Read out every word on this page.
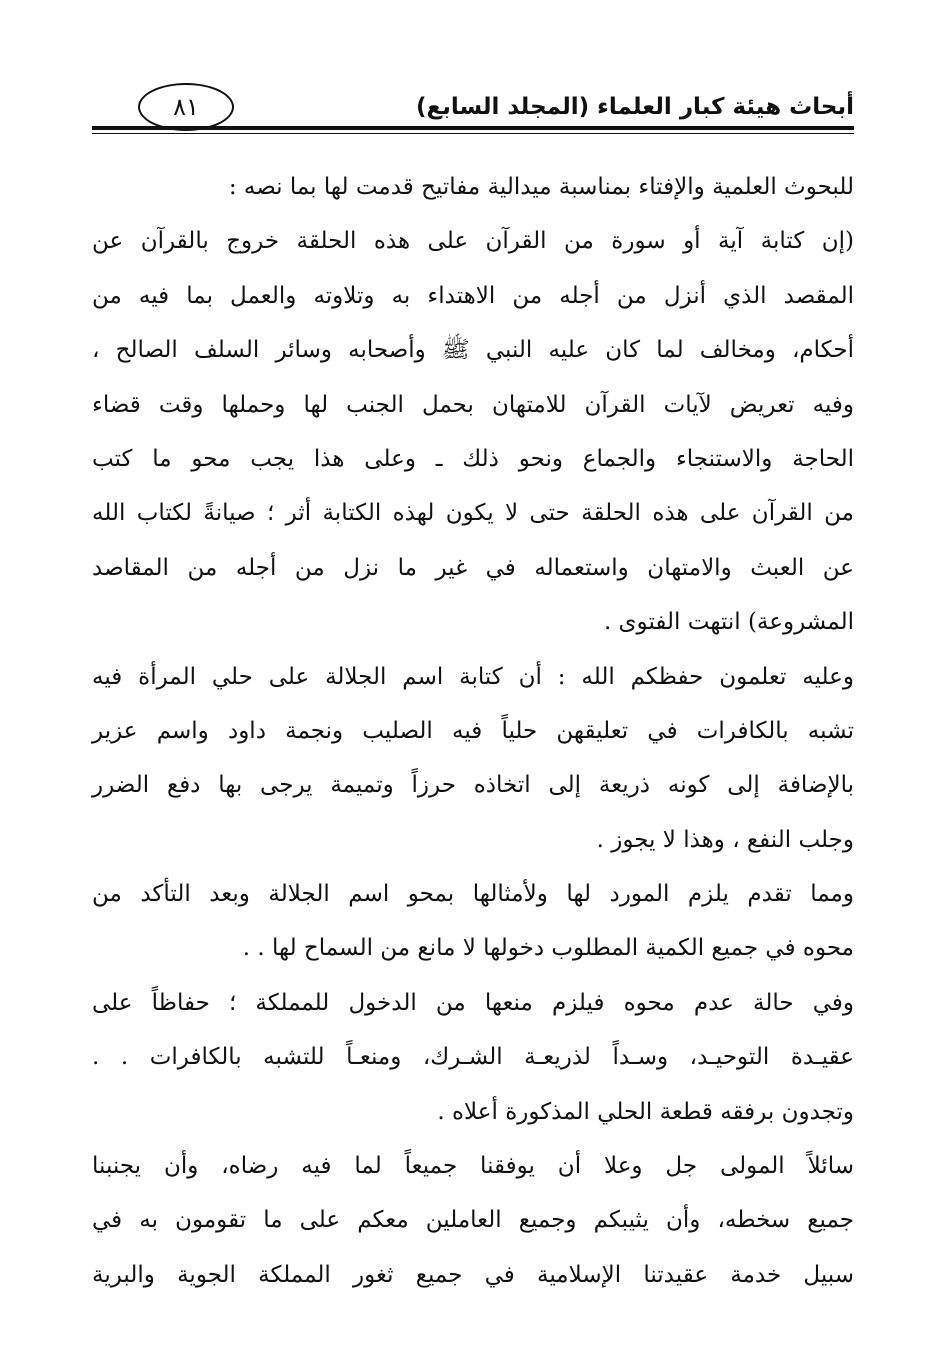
أبحاث هيئة كبار العلماء (المجلد السابع)
٨١
للبحوث العلمية والإفتاء بمناسبة ميدالية مفاتيح قدمت لها بما نصه :
(إن كتابة آية أو سورة من القرآن على هذه الحلقة خروج بالقرآن عن
المقصد الذي أنزل من أجله من الاهتداء به وتلاوته والعمل بما فيه من
أحكام، ومخالف لما كان عليه النبي ﷺ وأصحابه وسائر السلف الصالح ،
وفيه تعريض لآيات القرآن للامتهان بحمل الجنب لها وحملها وقت قضاء
الحاجة والاستنجاء والجماع ونحو ذلك ـ وعلى هذا يجب محو ما كتب
من القرآن على هذه الحلقة حتى لا يكون لهذه الكتابة أثر ؛ صيانةً لكتاب الله
عن العبث والامتهان واستعماله في غير ما نزل من أجله من المقاصد
المشروعة) انتهت الفتوى .
وعليه تعلمون حفظكم الله : أن كتابة اسم الجلالة على حلي المرأة فيه
تشبه بالكافرات في تعليقهن حلياً فيه الصليب ونجمة داود واسم عزير
بالإضافة إلى كونه ذريعة إلى اتخاذه حرزاً وتميمة يرجى بها دفع الضرر
وجلب النفع ، وهذا لا يجوز .
ومما تقدم يلزم المورد لها ولأمثالها بمحو اسم الجلالة وبعد التأكد من
محوه في جميع الكمية المطلوب دخولها لا مانع من السماح لها . .
وفي حالة عدم محوه فيلزم منعها من الدخول للمملكة ؛ حفاظاً على
عقيـدة التوحيـد، وسـداً لذريعـة الشـرك، ومنعـاً للتشبه بالكافرات . .
وتجدون برفقه قطعة الحلي المذكورة أعلاه .
سائلاً المولى جل وعلا أن يوفقنا جميعاً لما فيه رضاه، وأن يجنبنا
جميع سخطه، وأن يثيبكم وجميع العاملين معكم على ما تقومون به في
سبيل خدمة عقيدتنا الإسلامية في جميع ثغور المملكة الجوية والبرية
